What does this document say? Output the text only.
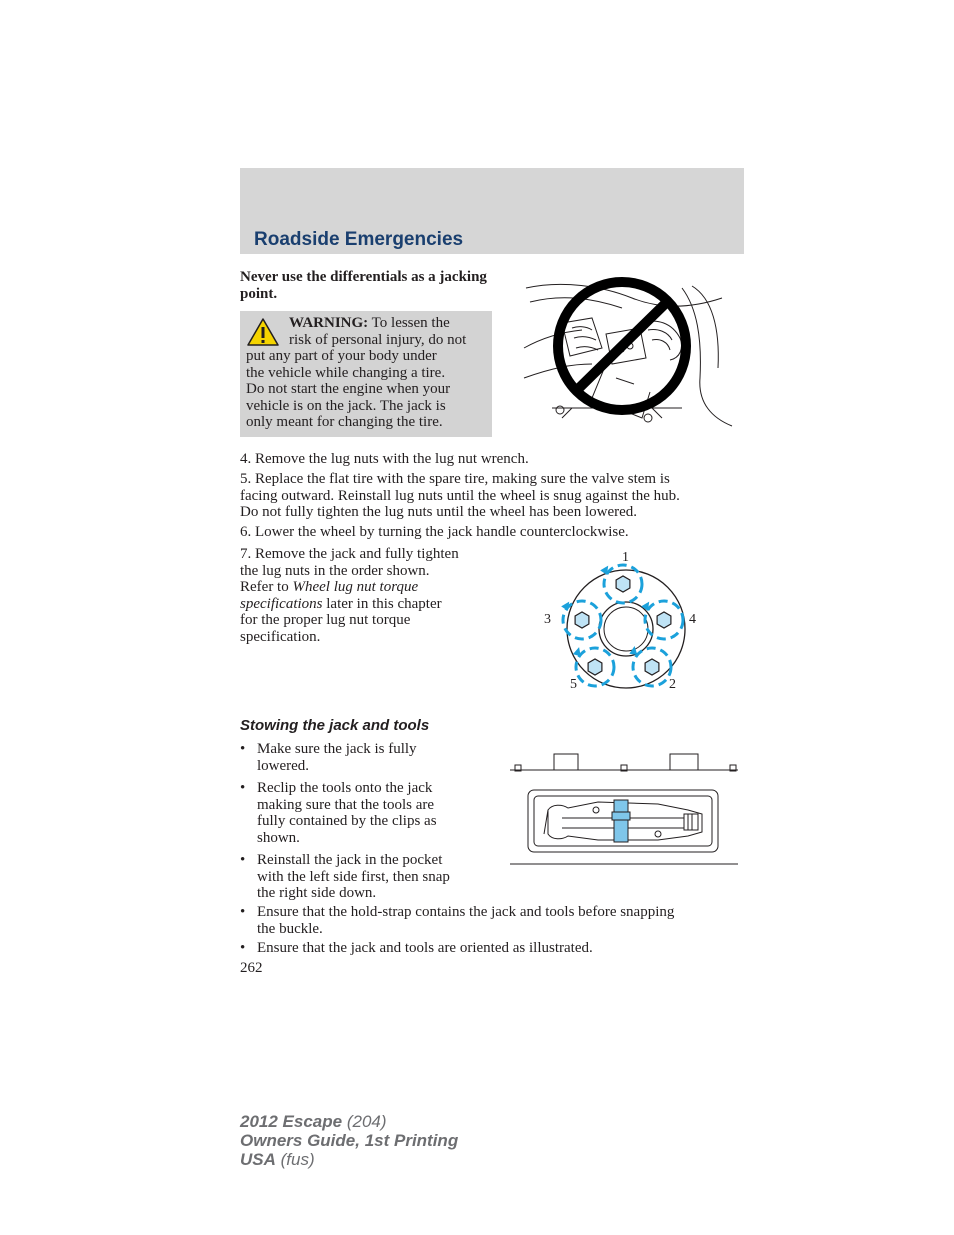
Roadside Emergencies
Never use the differentials as a jacking point.
WARNING: To lessen the
risk of personal injury, do not
put any part of your body under
the vehicle while changing a tire.
Do not start the engine when your
vehicle is on the jack. The jack is
only meant for changing the tire.
4. Remove the lug nuts with the lug nut wrench.
5. Replace the flat tire with the spare tire, making sure the valve stem is
facing outward. Reinstall lug nuts until the wheel is snug against the hub.
Do not fully tighten the lug nuts until the wheel has been lowered.
6. Lower the wheel by turning the jack handle counterclockwise.
7. Remove the jack and fully tighten
the lug nuts in the order shown.
Refer to Wheel lug nut torque
specifications later in this chapter
for the proper lug nut torque
specification.
1
2
3	4
5
Stowing the jack and tools
• Make sure the jack is fully
lowered.
• Reclip the tools onto the jack
making sure that the tools are
fully contained by the clips as
shown.
• Reinstall the jack in the pocket
with the left side first, then snap
the right side down.
• Ensure that the hold-strap contains the jack and tools before snapping
the buckle.
• Ensure that the jack and tools are oriented as illustrated.
262
2012 Escape (204)
Owners Guide, 1st Printing
USA (fus)
